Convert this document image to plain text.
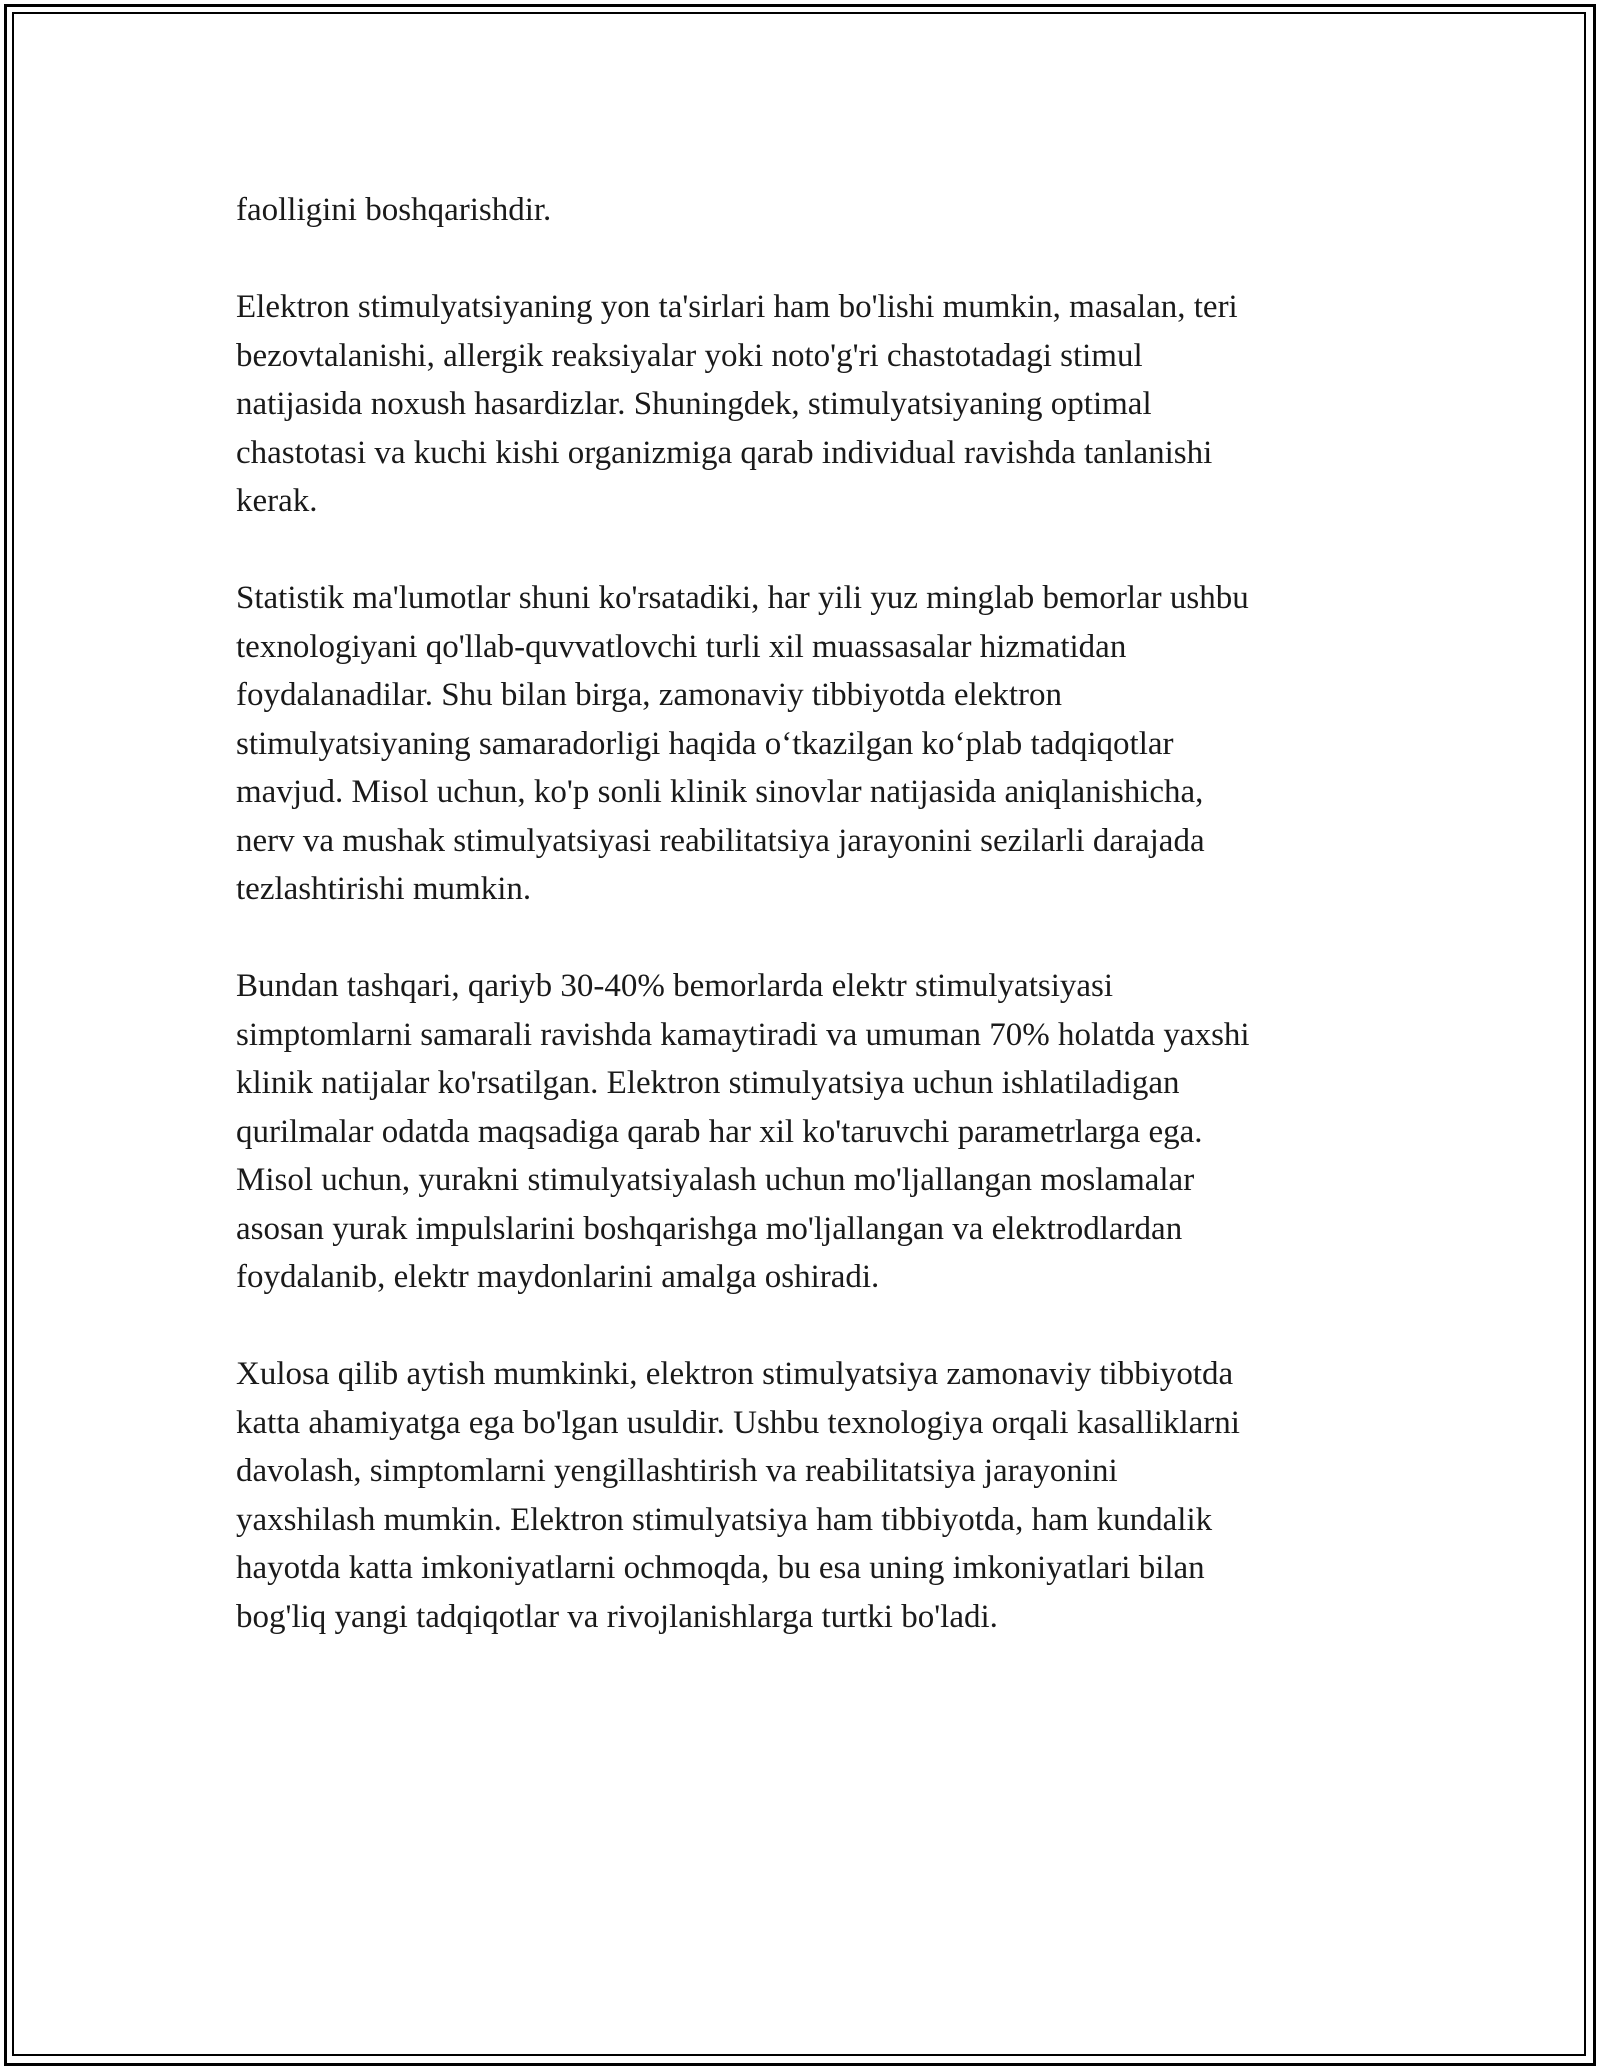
faolligini boshqarishdir.

Elektron stimulyatsiyaning yon ta'sirlari ham bo'lishi mumkin, masalan, teri
bezovtalanishi, allergik reaksiyalar yoki noto'g'ri chastotadagi stimul
natijasida noxush hasardizlar. Shuningdek, stimulyatsiyaning optimal
chastotasi va kuchi kishi organizmiga qarab individual ravishda tanlanishi
kerak.

Statistik ma'lumotlar shuni ko'rsatadiki, har yili yuz minglab bemorlar ushbu
texnologiyani qo'llab-quvvatlovchi turli xil muassasalar hizmatidan
foydalanadilar. Shu bilan birga, zamonaviy tibbiyotda elektron
stimulyatsiyaning samaradorligi haqida oʻtkazilgan koʻplab tadqiqotlar
mavjud. Misol uchun, ko'p sonli klinik sinovlar natijasida aniqlanishicha,
nerv va mushak stimulyatsiyasi reabilitatsiya jarayonini sezilarli darajada
tezlashtirishi mumkin.

Bundan tashqari, qariyb 30-40% bemorlarda elektr stimulyatsiyasi
simptomlarni samarali ravishda kamaytiradi va umuman 70% holatda yaxshi
klinik natijalar ko'rsatilgan. Elektron stimulyatsiya uchun ishlatiladigan
qurilmalar odatda maqsadiga qarab har xil ko'taruvchi parametrlarga ega.
Misol uchun, yurakni stimulyatsiyalash uchun mo'ljallangan moslamalar
asosan yurak impulslarini boshqarishga mo'ljallangan va elektrodlardan
foydalanib, elektr maydonlarini amalga oshiradi.

Xulosa qilib aytish mumkinki, elektron stimulyatsiya zamonaviy tibbiyotda
katta ahamiyatga ega bo'lgan usuldir. Ushbu texnologiya orqali kasalliklarni
davolash, simptomlarni yengillashtirish va reabilitatsiya jarayonini
yaxshilash mumkin. Elektron stimulyatsiya ham tibbiyotda, ham kundalik
hayotda katta imkoniyatlarni ochmoqda, bu esa uning imkoniyatlari bilan
bog'liq yangi tadqiqotlar va rivojlanishlarga turtki bo'ladi.
